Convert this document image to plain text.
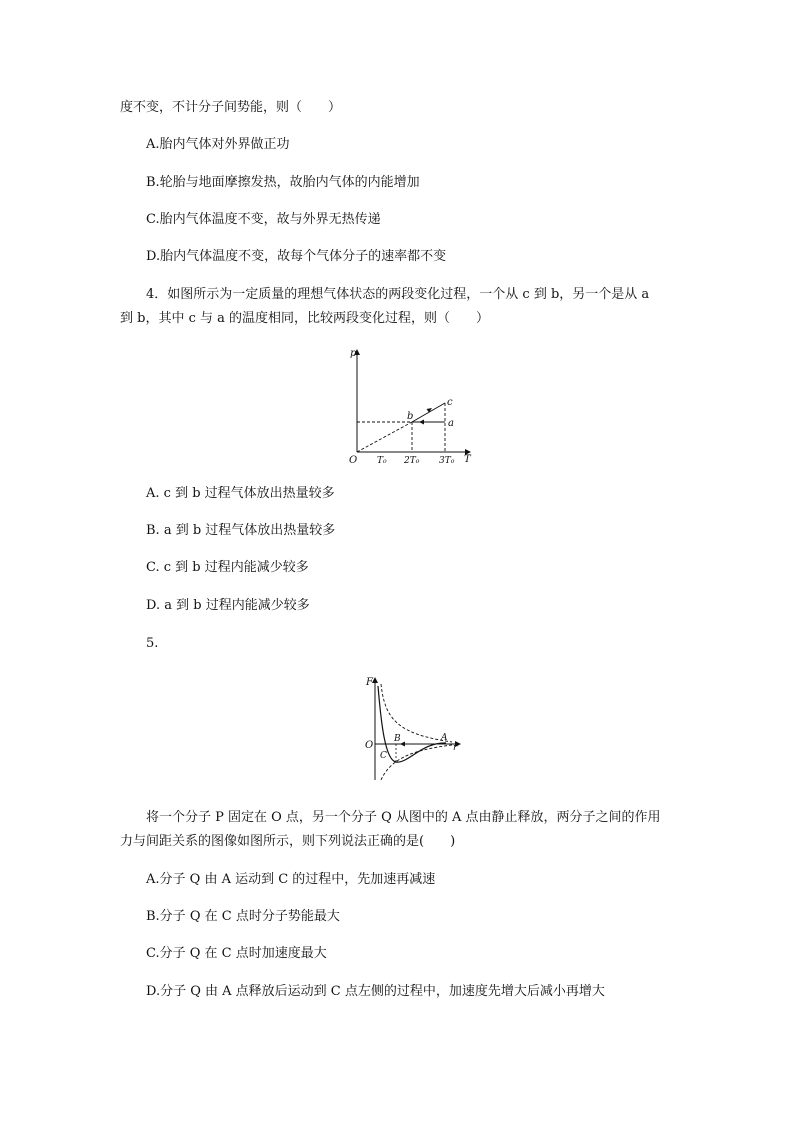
度不变，不计分子间势能，则（　　）
A.胎内气体对外界做正功
B.轮胎与地面摩擦发热，故胎内气体的内能增加
C.胎内气体温度不变，故与外界无热传递
D.胎内气体温度不变，故每个气体分子的速率都不变
4．如图所示为一定质量的理想气体状态的两段变化过程，一个从 c 到 b，另一个是从 a
到 b，其中 c 与 a 的温度相同，比较两段变化过程，则（　　）
p
T
O
b
c
a
T₀ 2T₀ 3T₀
A. c 到 b 过程气体放出热量较多
B. a 到 b 过程气体放出热量较多
C. c 到 b 过程内能减少较多
D. a 到 b 过程内能减少较多
5.
F
r
O
B	A
C
将一个分子 P 固定在 O 点，另一个分子 Q 从图中的 A 点由静止释放，两分子之间的作用
力与间距关系的图像如图所示，则下列说法正确的是(　　)
A.分子 Q 由 A 运动到 C 的过程中，先加速再减速
B.分子 Q 在 C 点时分子势能最大
C.分子 Q 在 C 点时加速度最大
D.分子 Q 由 A 点释放后运动到 C 点左侧的过程中，加速度先增大后减小再增大
